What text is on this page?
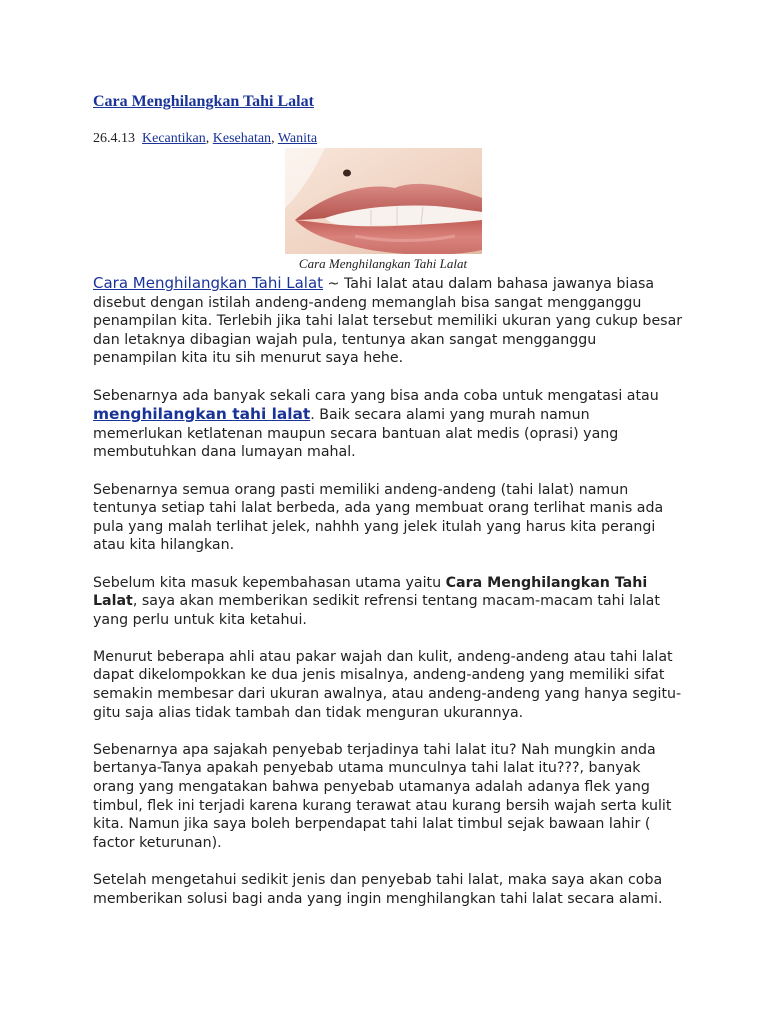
Cara Menghilangkan Tahi Lalat
26.4.13 Kecantikan, Kesehatan, Wanita
Cara Menghilangkan Tahi Lalat

Cara Menghilangkan Tahi Lalat ~ Tahi lalat atau dalam bahasa jawanya biasa disebut dengan istilah andeng-andeng memanglah bisa sangat mengganggu penampilan kita. Terlebih jika tahi lalat tersebut memiliki ukuran yang cukup besar dan letaknya dibagian wajah pula, tentunya akan sangat mengganggu penampilan kita itu sih menurut saya hehe.

Sebenarnya ada banyak sekali cara yang bisa anda coba untuk mengatasi atau menghilangkan tahi lalat. Baik secara alami yang murah namun memerlukan ketlatenan maupun secara bantuan alat medis (oprasi) yang membutuhkan dana lumayan mahal.

Sebenarnya semua orang pasti memiliki andeng-andeng (tahi lalat) namun tentunya setiap tahi lalat berbeda, ada yang membuat orang terlihat manis ada pula yang malah terlihat jelek, nahhh yang jelek itulah yang harus kita perangi atau kita hilangkan.

Sebelum kita masuk kepembahasan utama yaitu Cara Menghilangkan Tahi Lalat, saya akan memberikan sedikit refrensi tentang macam-macam tahi lalat yang perlu untuk kita ketahui.

Menurut beberapa ahli atau pakar wajah dan kulit, andeng-andeng atau tahi lalat dapat dikelompokkan ke dua jenis misalnya, andeng-andeng yang memiliki sifat semakin membesar dari ukuran awalnya, atau andeng-andeng yang hanya segitu-gitu saja alias tidak tambah dan tidak menguran ukurannya.

Sebenarnya apa sajakah penyebab terjadinya tahi lalat itu? Nah mungkin anda bertanya-Tanya apakah penyebab utama munculnya tahi lalat itu???, banyak orang yang mengatakan bahwa penyebab utamanya adalah adanya flek yang timbul, flek ini terjadi karena kurang terawat atau kurang bersih wajah serta kulit kita. Namun jika saya boleh berpendapat tahi lalat timbul sejak bawaan lahir ( factor keturunan).

Setelah mengetahui sedikit jenis dan penyebab tahi lalat, maka saya akan coba memberikan solusi bagi anda yang ingin menghilangkan tahi lalat secara alami.
